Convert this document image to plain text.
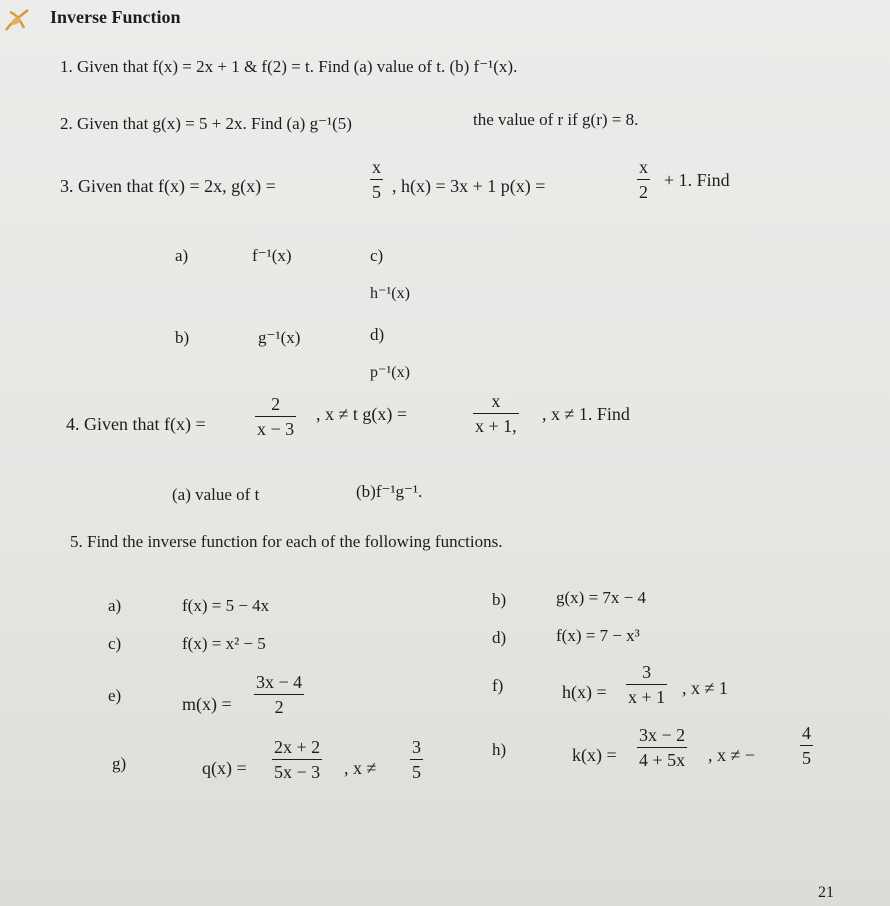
Inverse Function
1. Given that f(x) = 2x + 1 & f(2) = t. Find (a) value of t. (b) f⁻¹(x).
2. Given that g(x) = 5 + 2x. Find (a) g⁻¹(5)	the value of r if g(r) = 8.
3. Given that f(x) = 2x, g(x) =	$\frac{x}{5}$ , h(x) = 3x + 1 p(x) =	$\frac{x}{2} + 1$. Find
a)	f⁻¹(x)
b)	g⁻¹(x)
c)
h⁻¹(x)
d)
p⁻¹(x)
4. Given that f(x) =	$\frac{2}{x - 3}$ , x ≠ t g(x) =	$\frac{x}{x + 1,}$ , x ≠ 1. Find
(a) value of t	(b)f⁻¹g⁻¹.
5. Find the inverse function for each of the following functions.
a)	f(x) = 5 − 4x	b)	g(x) = 7x − 4
c)	f(x) = x² − 5	d)	f(x) = 7 − x³
e)	$m(x) = \frac{3x - 4}{2}$	f)	$h(x) = \frac{3}{x + 1}$ , x ≠ 1
g)	$q(x) = \frac{2x + 2}{5x - 3}$ , $x \ne \frac{3}{5}$	h)	$k(x) = \frac{3x - 2}{4 + 5x}$ , x ≠ − $\frac{4}{5}$
21
